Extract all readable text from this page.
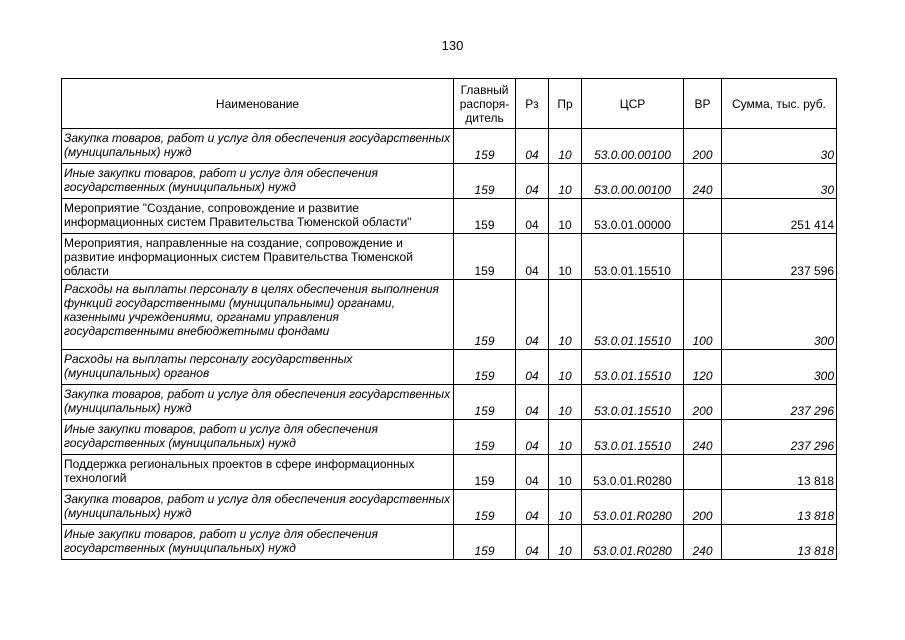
130
Наименование	Главный распоря-дитель	Рз	Пр	ЦСР	ВР	Сумма, тыс. руб.
Закупка товаров, работ и услуг для обеспечения государственных (муниципальных) нужд	159	04	10	53.0.00.00100	200	30
Иные закупки товаров, работ и услуг для обеспечения государственных (муниципальных) нужд	159	04	10	53.0.00.00100	240	30
Мероприятие "Создание, сопровождение и развитие информационных систем Правительства Тюменской области"	159	04	10	53.0.01.00000		251 414
Мероприятия, направленные на создание, сопровождение и развитие информационных систем Правительства Тюменской области	159	04	10	53.0.01.15510		237 596
Расходы на выплаты персоналу в целях обеспечения выполнения функций государственными (муниципальными) органами, казенными учреждениями, органами управления государственными внебюджетными фондами	159	04	10	53.0.01.15510	100	300
Расходы на выплаты персоналу государственных (муниципальных) органов	159	04	10	53.0.01.15510	120	300
Закупка товаров, работ и услуг для обеспечения государственных (муниципальных) нужд	159	04	10	53.0.01.15510	200	237 296
Иные закупки товаров, работ и услуг для обеспечения государственных (муниципальных) нужд	159	04	10	53.0.01.15510	240	237 296
Поддержка региональных проектов в сфере информационных технологий	159	04	10	53.0.01.R0280		13 818
Закупка товаров, работ и услуг для обеспечения государственных (муниципальных) нужд	159	04	10	53.0.01.R0280	200	13 818
Иные закупки товаров, работ и услуг для обеспечения государственных (муниципальных) нужд	159	04	10	53.0.01.R0280	240	13 818
